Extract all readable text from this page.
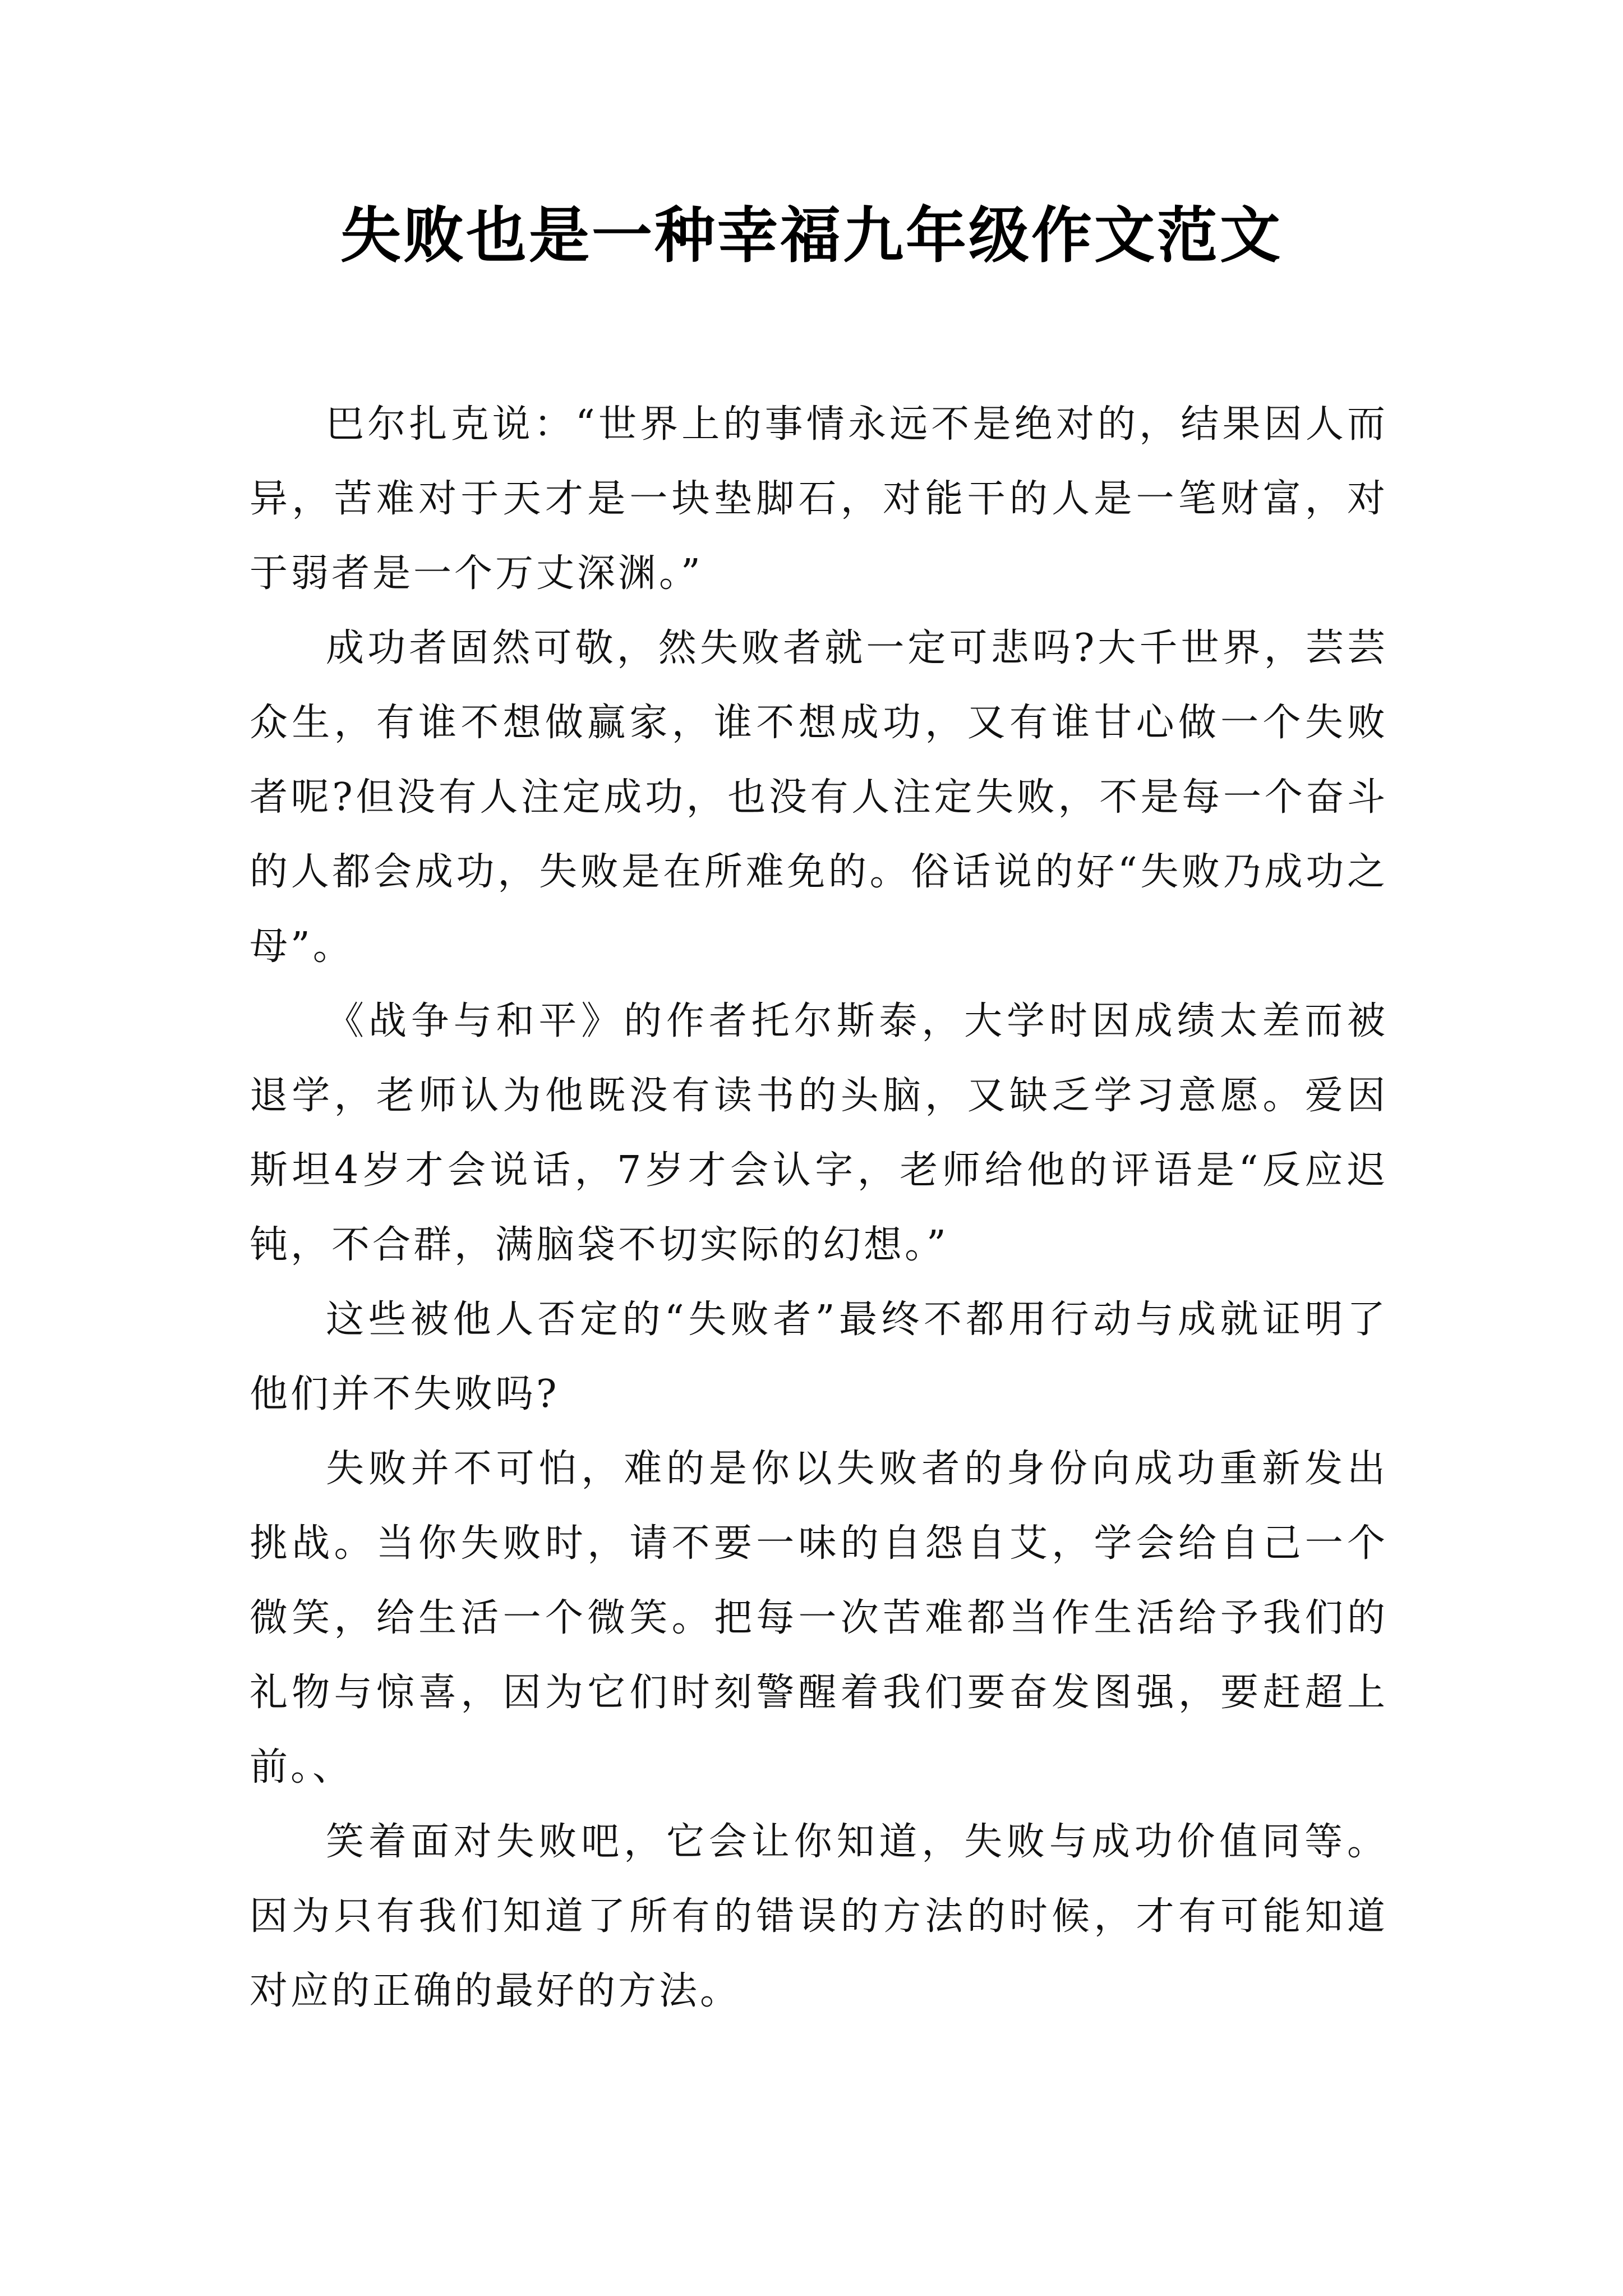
失败也是一种幸福九年级作文范文

巴尔扎克说：“世界上的事情永远不是绝对的，结果因人而异，苦难对于天才是一块垫脚石，对能干的人是一笔财富，对于弱者是一个万丈深渊。”

成功者固然可敬，然失败者就一定可悲吗?大千世界，芸芸众生，有谁不想做赢家，谁不想成功，又有谁甘心做一个失败者呢?但没有人注定成功，也没有人注定失败，不是每一个奋斗的人都会成功，失败是在所难免的。俗话说的好“失败乃成功之母”。

《战争与和平》的作者托尔斯泰，大学时因成绩太差而被退学，老师认为他既没有读书的头脑，又缺乏学习意愿。爱因斯坦4岁才会说话，7岁才会认字，老师给他的评语是“反应迟钝，不合群，满脑袋不切实际的幻想。”

这些被他人否定的“失败者”最终不都用行动与成就证明了他们并不失败吗?

失败并不可怕，难的是你以失败者的身份向成功重新发出挑战。当你失败时，请不要一味的自怨自艾，学会给自己一个微笑，给生活一个微笑。把每一次苦难都当作生活给予我们的礼物与惊喜，因为它们时刻警醒着我们要奋发图强，要赶超上前。、

笑着面对失败吧，它会让你知道，失败与成功价值同等。因为只有我们知道了所有的错误的方法的时候，才有可能知道对应的正确的最好的方法。
